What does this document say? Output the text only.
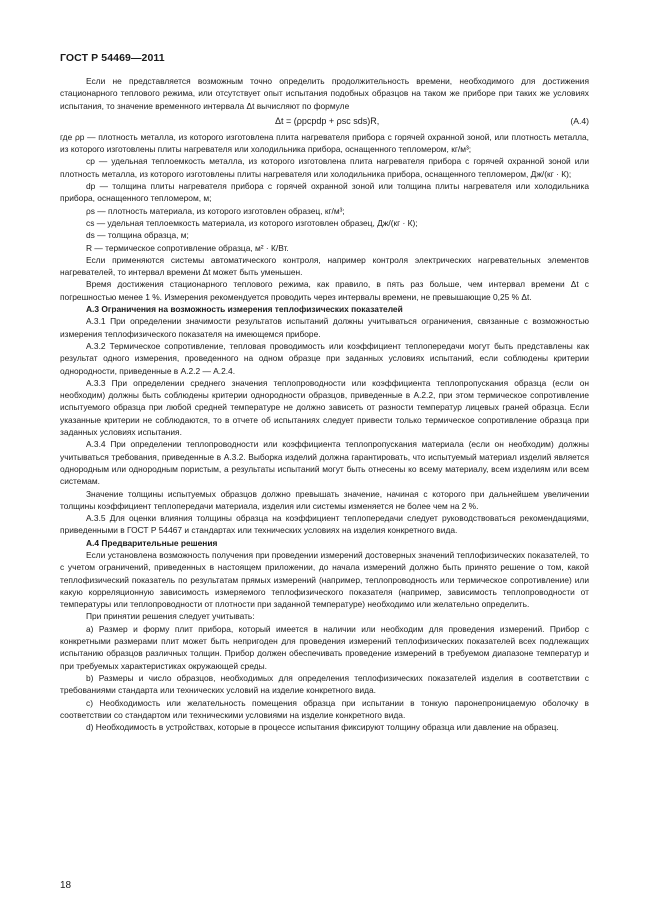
ГОСТ Р 54469—2011

Если не представляется возможным точно определить продолжительность времени, необходимого для достижения стационарного теплового режима, или отсутствует опыт испытания подобных образцов на таком же приборе при таких же условиях испытания, то значение временного интервала Δt вычисляют по формуле

Δt = (ρpcpdp + ρsc sds)R,	(А.4)

где ρp — плотность металла, из которого изготовлена плита нагревателя прибора с горячей охранной зоной, или плотность металла, из которого изготовлены плиты нагревателя или холодильника прибора, оснащенного тепломером, кг/м³;

cp — удельная теплоемкость металла, из которого изготовлена плита нагревателя прибора с горячей охранной зоной или плотность металла, из которого изготовлены плиты нагревателя или холодильника прибора, оснащенного тепломером, Дж/(кг · К);

dp — толщина плиты нагревателя прибора с горячей охранной зоной или толщина плиты нагревателя или холодильника прибора, оснащенного тепломером, м;

ρs — плотность материала, из которого изготовлен образец, кг/м³;

cs — удельная теплоемкость материала, из которого изготовлен образец, Дж/(кг · К);

ds — толщина образца, м;

R — термическое сопротивление образца, м² · К/Вт.

Если применяются системы автоматического контроля, например контроля электрических нагревательных элементов нагревателей, то интервал времени Δt может быть уменьшен.

Время достижения стационарного теплового режима, как правило, в пять раз больше, чем интервал времени Δt с погрешностью менее 1 %. Измерения рекомендуется проводить через интервалы времени, не превышающие 0,25 % Δt.

А.3 Ограничения на возможность измерения теплофизических показателей

А.3.1 При определении значимости результатов испытаний должны учитываться ограничения, связанные с возможностью измерения теплофизического показателя на имеющемся приборе.

А.3.2 Термическое сопротивление, тепловая проводимость или коэффициент теплопередачи могут быть представлены как результат одного измерения, проведенного на одном образце при заданных условиях испытаний, если соблюдены критерии однородности, приведенные в А.2.2 — А.2.4.

А.3.3 При определении среднего значения теплопроводности или коэффициента теплопропускания образца (если он необходим) должны быть соблюдены критерии однородности образцов, приведенные в А.2.2, при этом термическое сопротивление испытуемого образца при любой средней температуре не должно зависеть от разности температур лицевых граней образца. Если указанные критерии не соблюдаются, то в отчете об испытаниях следует привести только термическое сопротивление образца при заданных условиях испытания.

А.3.4 При определении теплопроводности или коэффициента теплопропускания материала (если он необходим) должны учитываться требования, приведенные в А.3.2. Выборка изделий должна гарантировать, что испытуемый материал изделий является однородным или однородным пористым, а результаты испытаний могут быть отнесены ко всему материалу, всем изделиям или всем системам.

Значение толщины испытуемых образцов должно превышать значение, начиная с которого при дальнейшем увеличении толщины коэффициент теплопередачи материала, изделия или системы изменяется не более чем на 2 %.

А.3.5 Для оценки влияния толщины образца на коэффициент теплопередачи следует руководствоваться рекомендациями, приведенными в ГОСТ Р 54467 и стандартах или технических условиях на изделия конкретного вида.

А.4 Предварительные решения

Если установлена возможность получения при проведении измерений достоверных значений теплофизических показателей, то с учетом ограничений, приведенных в настоящем приложении, до начала измерений должно быть принято решение о том, какой теплофизический показатель по результатам прямых измерений (например, теплопроводность или термическое сопротивление) или какую корреляционную зависимость измеряемого теплофизического показателя (например, зависимость теплопроводности от температуры или теплопроводности от плотности при заданной температуре) необходимо или желательно определить.

При принятии решения следует учитывать:

a) Размер и форму плит прибора, который имеется в наличии или необходим для проведения измерений. Прибор с конкретными размерами плит может быть непригоден для проведения измерений теплофизических показателей всех подлежащих испытанию образцов различных толщин. Прибор должен обеспечивать проведение измерений в требуемом диапазоне температур и при требуемых характеристиках окружающей среды.

b) Размеры и число образцов, необходимых для определения теплофизических показателей изделия в соответствии с требованиями стандарта или технических условий на изделие конкретного вида.

c) Необходимость или желательность помещения образца при испытании в тонкую паронепроницаемую оболочку в соответствии со стандартом или техническими условиями на изделие конкретного вида.

d) Необходимость в устройствах, которые в процессе испытания фиксируют толщину образца или давление на образец.

18
